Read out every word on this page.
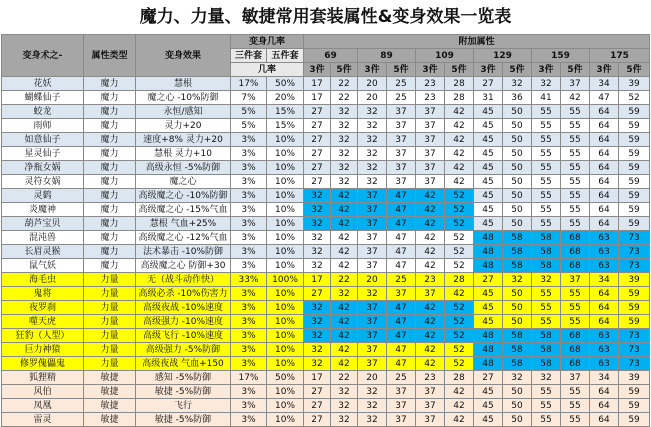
魔力、力量、敏捷常用套装属性&变身效果一览表
变身术之-	属性类型	变身效果	变身几率		附加属性											
			三件套	五件套	69		89		109		129		159		175	
			几率		3件	5件	3件	5件	3件	5件	3件	5件	3件	5件	3件	5件
花妖	魔力	慧根	17%	50%	17	22	20	25	23	28	27	32	32	37	34	39
蝴蝶仙子	魔力	魔之心 -10%防御	7%	20%	17	22	20	25	23	28	31	36	41	42	47	52
蛟龙	魔力	永恒/感知	5%	15%	27	32	32	37	37	42	45	50	55	55	64	59
雨师	魔力	灵力+20	5%	15%	27	32	32	37	37	42	45	50	55	55	64	59
如意仙子	魔力	速度+8% 灵力+20	3%	10%	27	32	32	37	37	42	45	50	55	55	64	59
星灵仙子	魔力	慧根 灵力+10	3%	10%	27	32	32	37	37	42	45	50	55	55	64	59
净瓶女娲	魔力	高级永恒 -5%防御	3%	10%	27	32	32	37	37	42	45	50	55	55	64	59
灵符女娲	魔力	魔之心	3%	10%	27	32	32	37	37	42	45	50	55	55	64	59
灵鹤	魔力	高级魔之心 -10%防御	3%	10%	32	42	37	47	42	52	45	50	55	55	64	59
炎魔神	魔力	高级魔之心 -15%气血	3%	10%	32	42	37	47	42	52	45	50	55	55	64	59
葫芦宝贝	魔力	慧根 气血+25%	3%	10%	32	42	37	47	42	52	45	50	55	55	64	59
混沌兽	魔力	高级魔之心 -12%气血	3%	10%	32	42	37	47	42	52	48	58	58	68	63	73
长眉灵猴	魔力	法术暴击 -10%防御	3%	10%	32	42	37	47	42	52	48	58	58	68	63	73
鼠气妖	魔力	高级魔之心 防御+30	3%	10%	32	42	37	47	42	52	48	58	58	68	63	73
海毛虫	力量	无（战斗动作快）	33%	100%	17	22	20	25	23	28	27	32	32	37	34	39
鬼将	力量	高级必杀 -10%伤害力	3%	10%	27	32	32	37	37	42	45	50	55	55	64	59
夜罗刹	力量	高级夜战 -10%速度	3%	10%	32	42	37	47	42	52	45	50	55	55	64	59
噬天虎	力量	高级强力 -10%速度	3%	10%	32	42	37	47	42	52	45	50	55	55	64	59
狂豹（人型）	力量	高级飞行 -10%速度	3%	10%	32	42	37	47	42	52	48	58	58	68	63	73
巨力神猿	力量	高级强力 -5%防御	3%	10%	32	42	37	47	42	52	48	58	58	68	63	73
修罗傀儡鬼	力量	高级夜战 气血+150	3%	10%	32	42	37	47	42	52	48	58	58	68	63	73
狐狸精	敏捷	感知 -5%防御	17%	50%	17	22	20	25	23	28	27	32	32	37	34	39
风伯	敏捷	敏捷 -5%防御	3%	10%	27	32	32	37	37	42	45	50	55	55	64	59
凤凰	敏捷	飞行	3%	10%	27	32	32	37	37	42	45	50	55	55	64	59
雷灵	敏捷	敏捷 -5%防御	3%	10%	27	32	32	37	37	42	45	50	55	55	64	59
